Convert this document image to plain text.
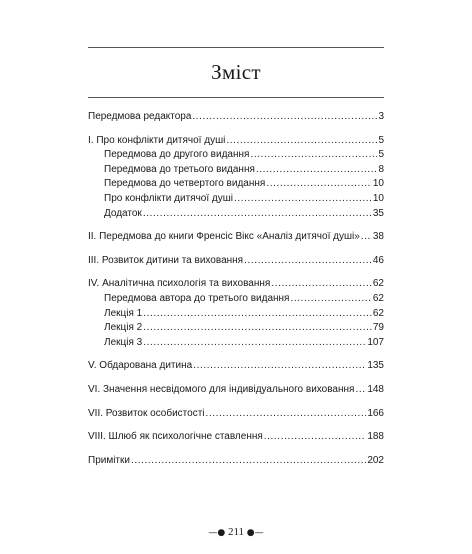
Зміст
Передмова редактора .....	3
I. Про конфлікти дитячої душі .....	5
Передмова до другого видання .....	5
Передмова до третього видання .....	8
Передмова до четвертого видання .....	10
Про конфлікти дитячої душі .....	10
Додаток .....	35
II. Передмова до книги Френсіс Вікс «Аналіз дитячої душі» ..... 38
III. Розвиток дитини та виховання .....	46
IV. Аналітична психологія та виховання .....	62
Передмова автора до третього видання .....	62
Лекція 1 .....	62
Лекція 2 .....	79
Лекція 3 .....	107
V. Обдарована дитина .....	135
VI. Значення несвідомого для індивідуального виховання ..... 148
VII. Розвиток особистості .....	166
VIII. Шлюб як психологічне ставлення .....	188
Примітки .....	202
—● 211 ●—
